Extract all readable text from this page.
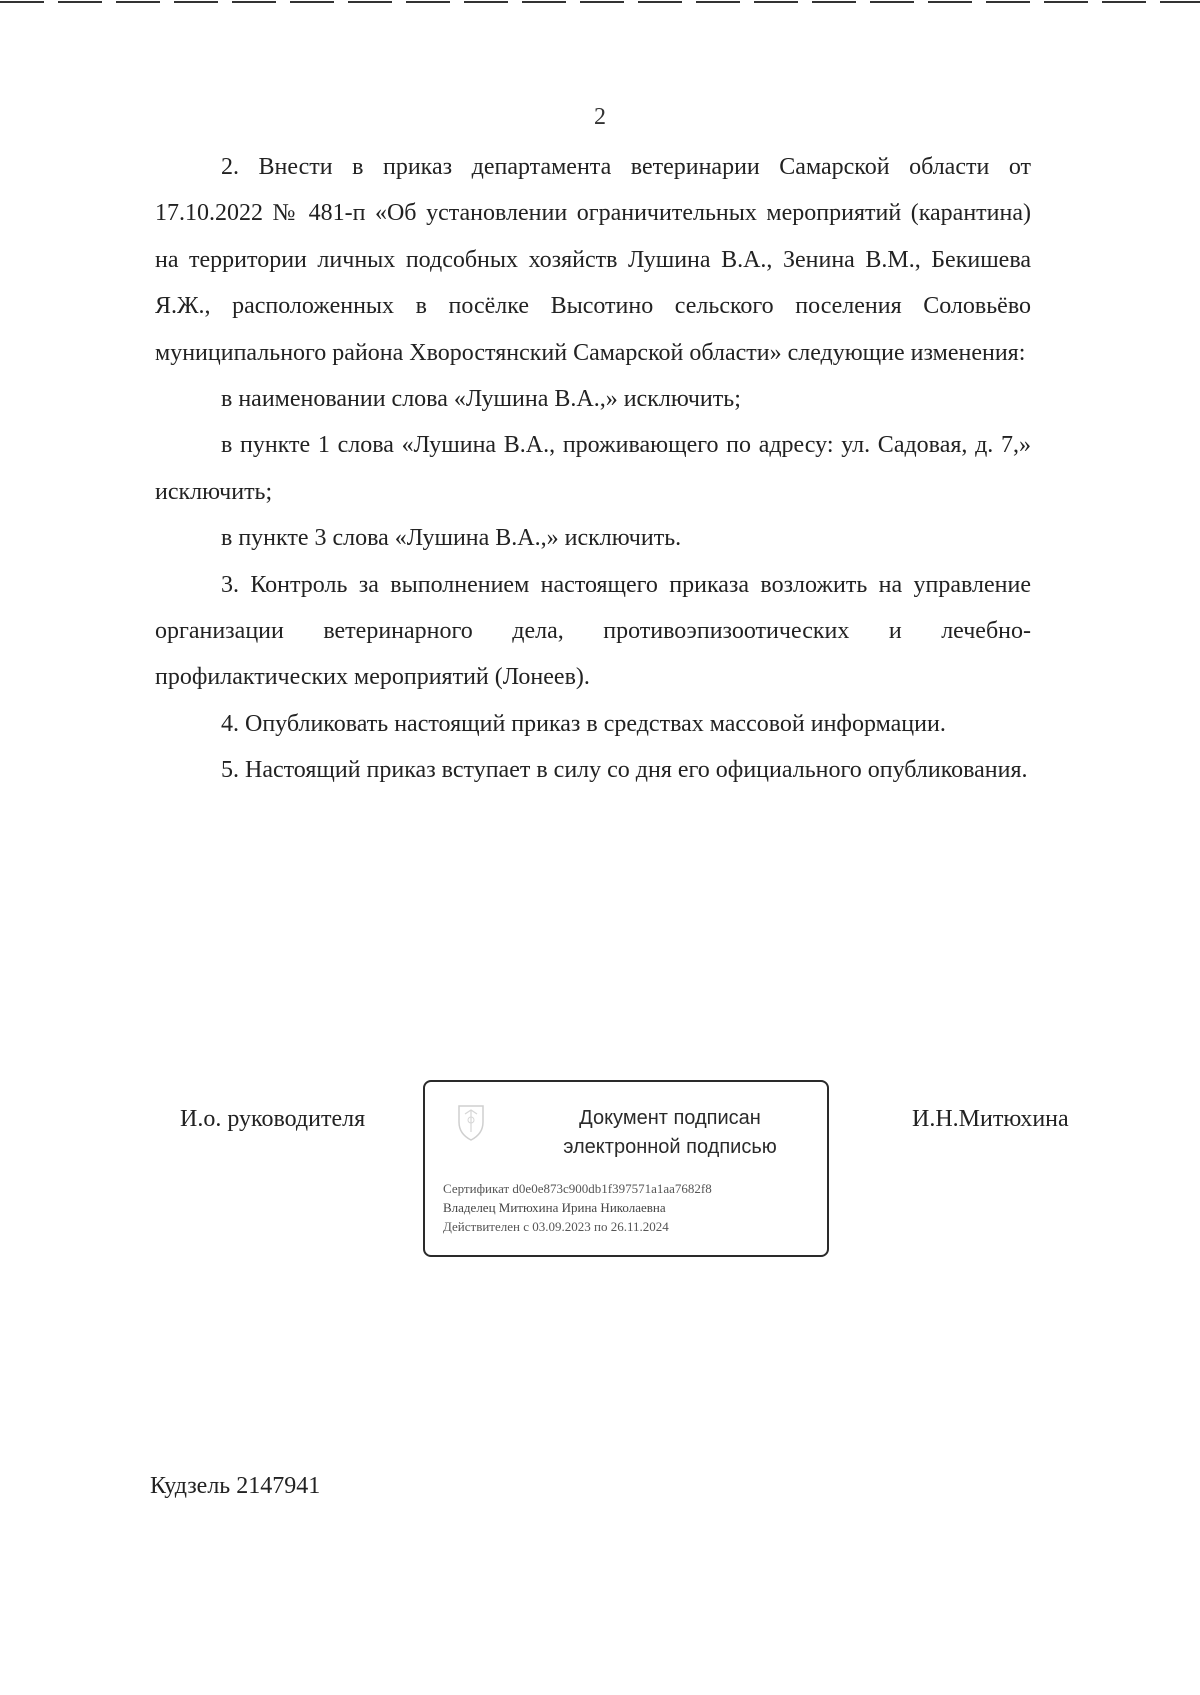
2

2. Внести в приказ департамента ветеринарии Самарской области от 17.10.2022 № 481-п «Об установлении ограничительных мероприятий (карантина) на территории личных подсобных хозяйств Лушина В.А., Зенина В.М., Бекишева Я.Ж., расположенных в посёлке Высотино сельского поселения Соловьёво муниципального района Хворостянский Самарской области» следующие изменения:

в наименовании слова «Лушина В.А.,» исключить;

в пункте 1 слова «Лушина В.А., проживающего по адресу: ул. Садовая, д. 7,» исключить;

в пункте 3 слова «Лушина В.А.,» исключить.

3. Контроль за выполнением настоящего приказа возложить на управление организации ветеринарного дела, противоэпизоотических и лечебно-профилактических мероприятий (Лонеев).

4. Опубликовать настоящий приказ в средствах массовой информации.

5. Настоящий приказ вступает в силу со дня его официального опубликования.

И.о. руководителя	Документ подписан
электронной подписью
Сертификат d0e0e873c900db1f397571a1aa7682f8
Владелец Митюхина Ирина Николаевна
Действителен с 03.09.2023 по 26.11.2024
И.Н.Митюхина
Кудзель 2147941
